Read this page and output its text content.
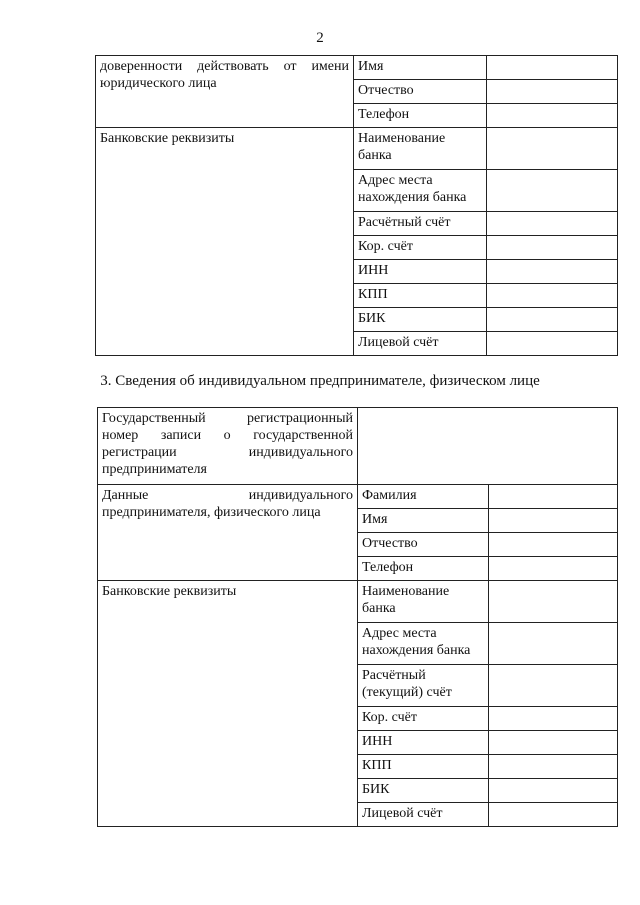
2
доверенности действовать от имени юридического лица	Имя	
	Отчество	
	Телефон	
Банковские реквизиты	Наименование банка	
	Адрес места нахождения банка	
	Расчётный счёт	
	Кор. счёт	
	ИНН	
	КПП	
	БИК	
	Лицевой счёт	
3. Сведения об индивидуальном предпринимателе, физическом лице
Государственный регистрационный номер записи о государственной регистрации индивидуального предпринимателя		
Данные индивидуального предпринимателя, физического лица	Фамилия	
	Имя	
	Отчество	
	Телефон	
Банковские реквизиты	Наименование банка	
	Адрес места нахождения банка	
	Расчётный (текущий) счёт	
	Кор. счёт	
	ИНН	
	КПП	
	БИК	
	Лицевой счёт	
